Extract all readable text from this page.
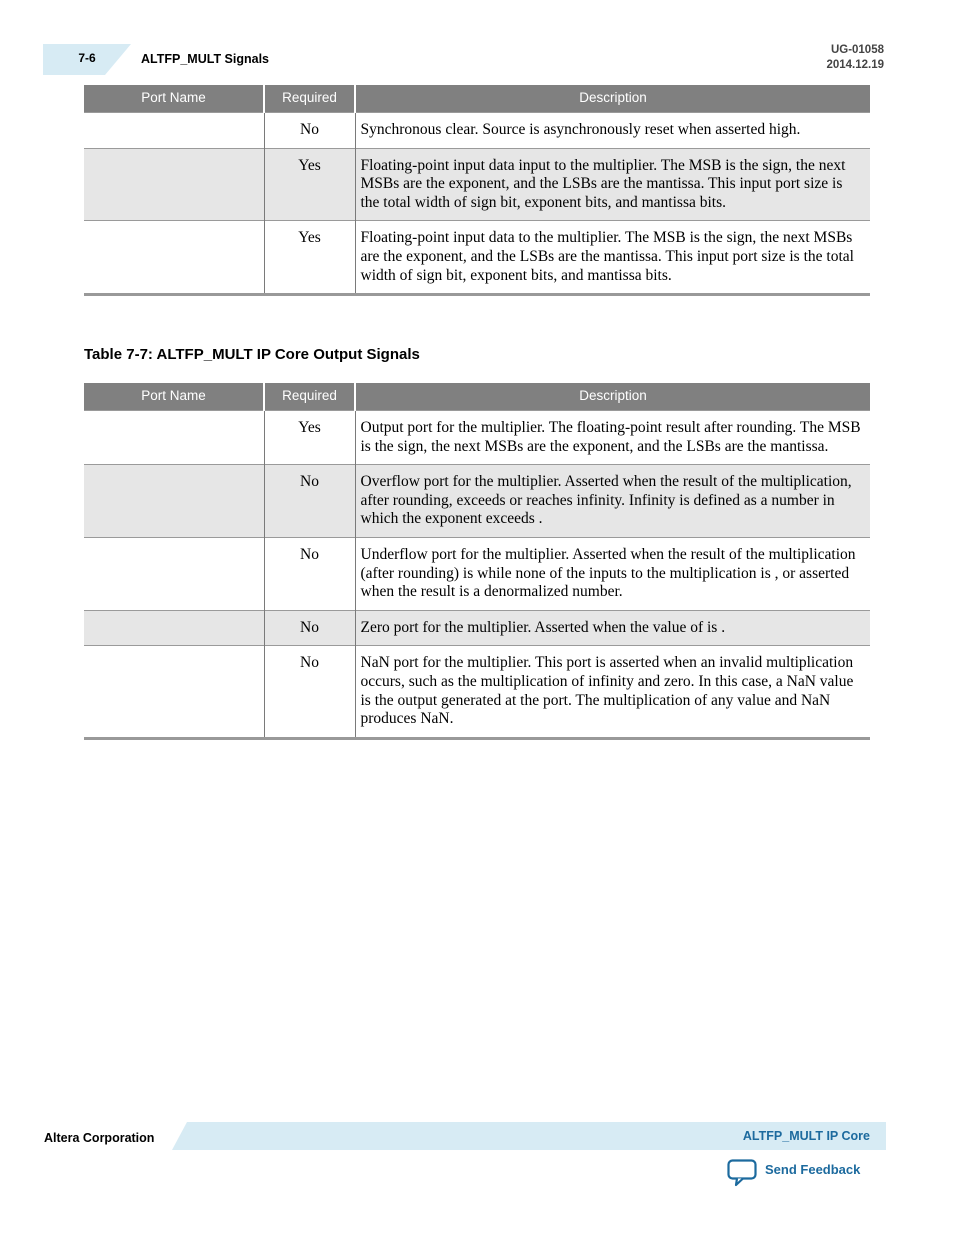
7-6	ALTFP_MULT Signals
UG-01058
2014.12.19
Port Name	Required	Description
	No	Synchronous clear. Source is asynchronously reset when asserted high.
	Yes	Floating-point input data input to the multiplier. The MSB is the sign, the next MSBs are the exponent, and the LSBs are the mantissa. This input port size is the total width of sign bit, exponent bits, and mantissa bits.
	Yes	Floating-point input data to the multiplier. The MSB is the sign, the next MSBs are the exponent, and the LSBs are the mantissa. This input port size is the total width of sign bit, exponent bits, and mantissa bits.
Table 7-7: ALTFP_MULT IP Core Output Signals
Port Name	Required	Description
	Yes	Output port for the multiplier. The floating-point result after rounding. The MSB is the sign, the next MSBs are the exponent, and the LSBs are the mantissa.
	No	Overflow port for the multiplier. Asserted when the result of the multiplication, after rounding, exceeds or reaches infinity. Infinity is defined as a number in which the exponent exceeds .
	No	Underflow port for the multiplier. Asserted when the result of the multiplication (after rounding) is while none of the inputs to the multiplication is , or asserted when the result is a denormalized number.
	No	Zero port for the multiplier. Asserted when the value of is .
	No	NaN port for the multiplier. This port is asserted when an invalid multiplication occurs, such as the multiplication of infinity and zero. In this case, a NaN value is the output generated at the port. The multiplication of any value and NaN produces NaN.
Altera Corporation	ALTFP_MULT IP Core
Send Feedback
